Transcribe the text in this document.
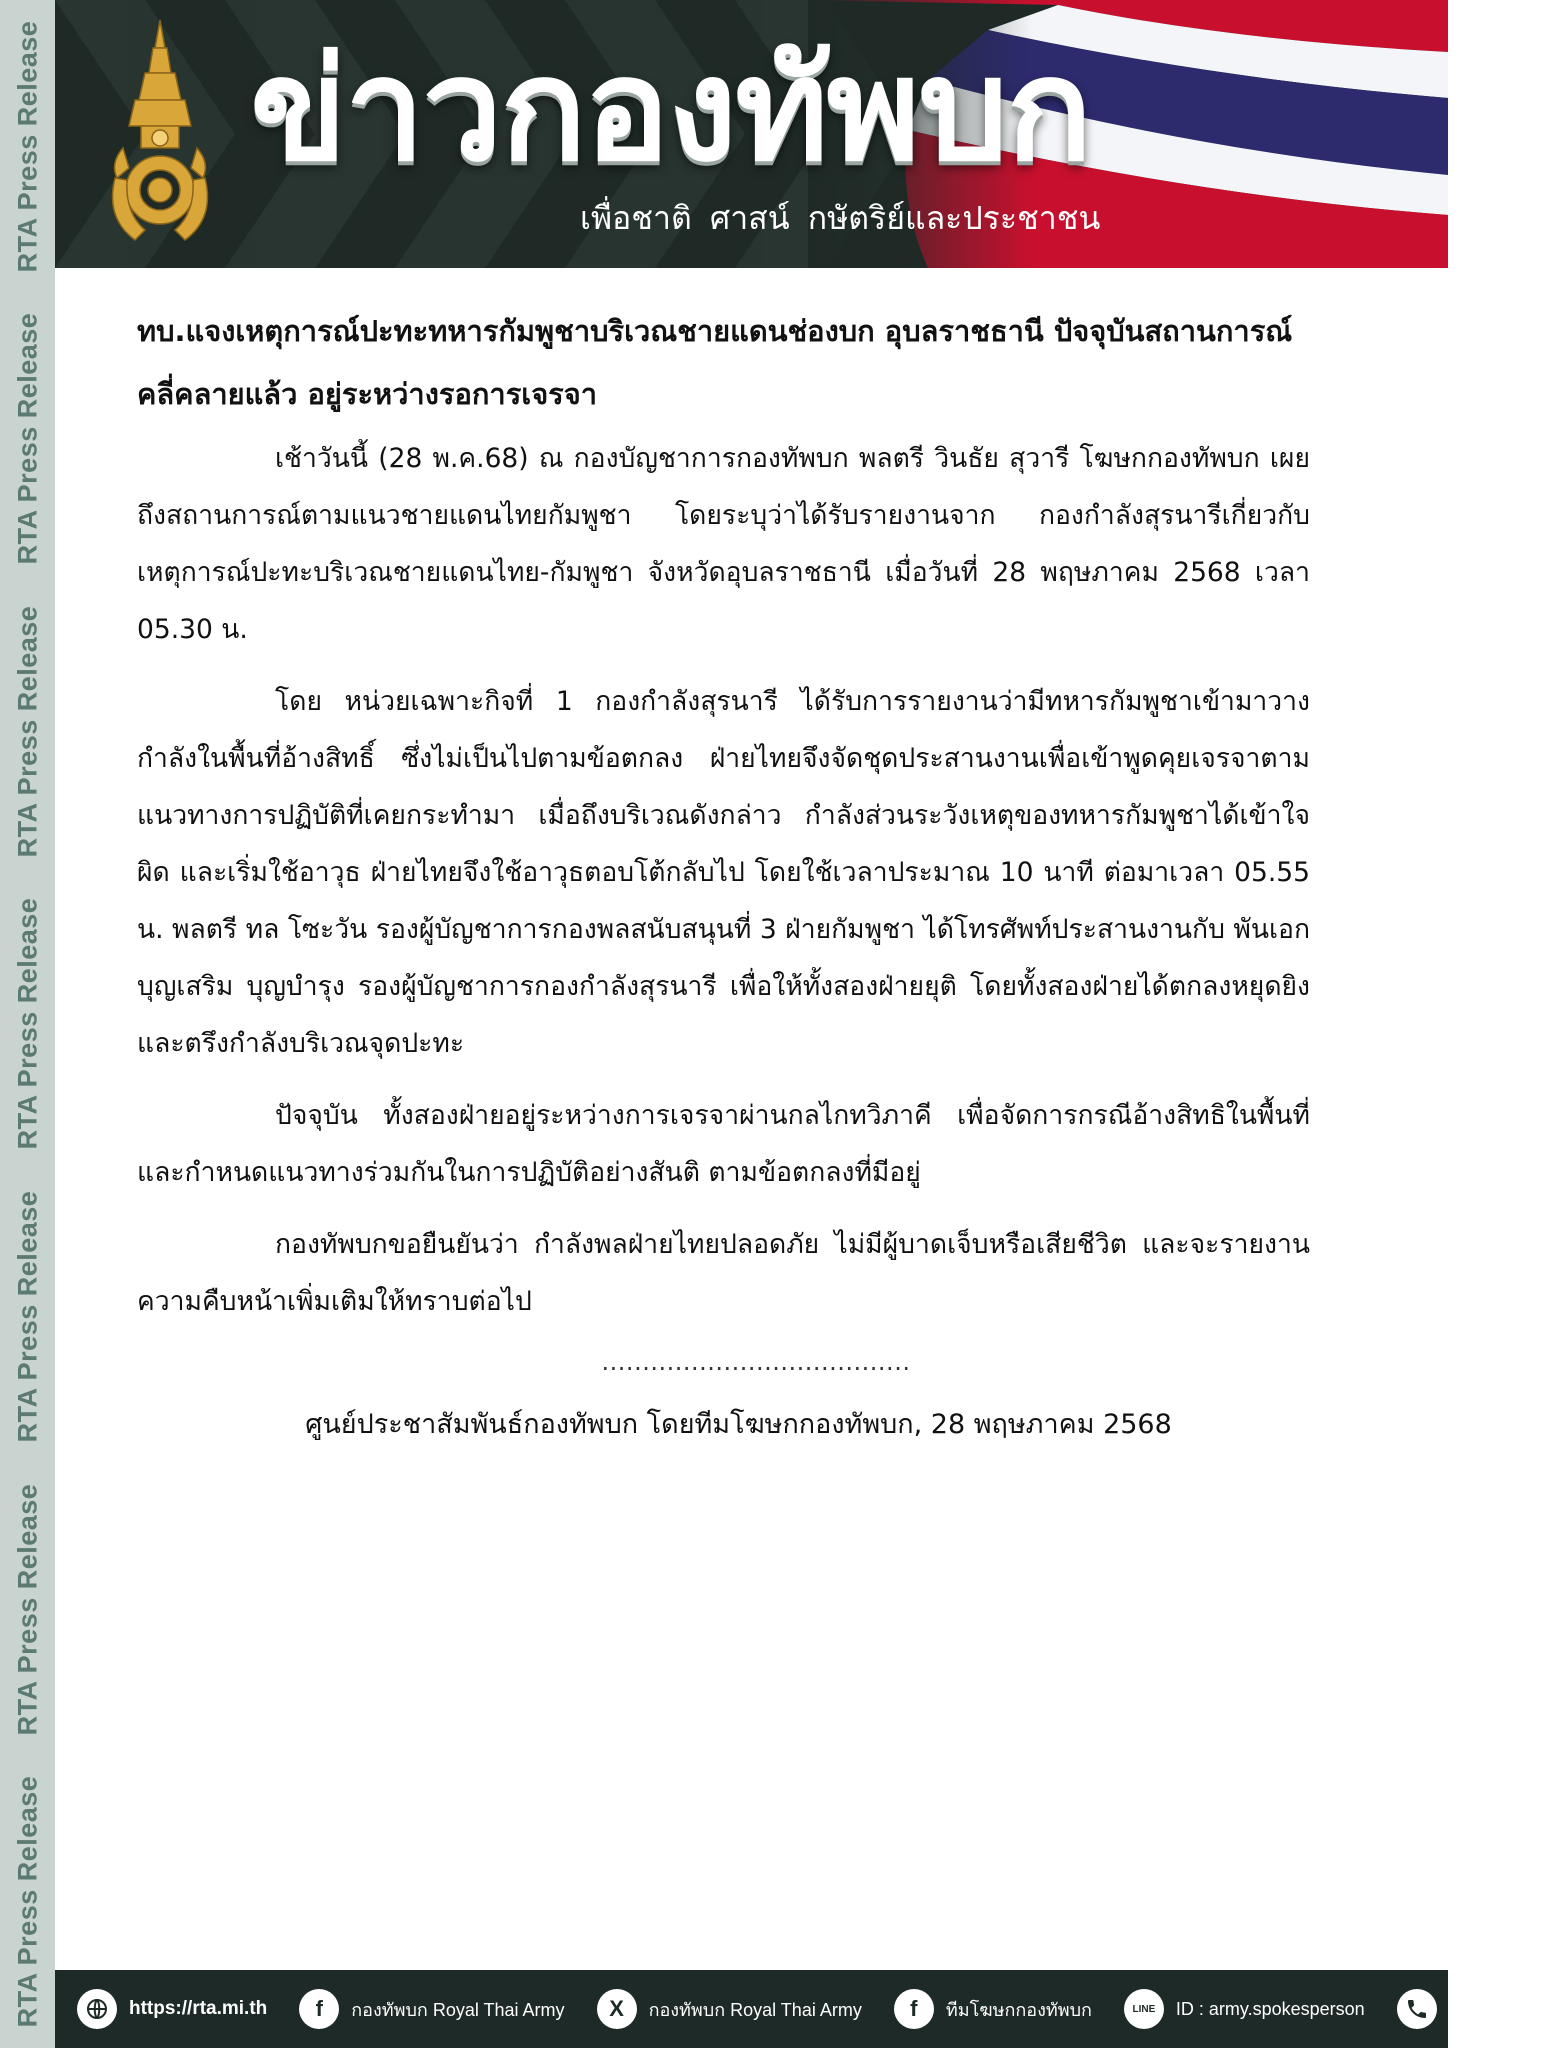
RTA Press Release
RTA Press Release
RTA Press Release
RTA Press Release
RTA Press Release
RTA Press Release
RTA Press Release
ข่าวกองทัพบก
เพื่อชาติ ศาสน์ กษัตริย์และประชาชน
ทบ.แจงเหตุการณ์ปะทะทหารกัมพูชาบริเวณชายแดนช่องบก อุบลราชธานี ปัจจุบันสถานการณ์คลี่คลายแล้ว อยู่ระหว่างรอการเจรจา

เช้าวันนี้ (28 พ.ค.68) ณ กองบัญชาการกองทัพบก พลตรี วินธัย สุวารี โฆษกกองทัพบก เผยถึงสถานการณ์ตามแนวชายแดนไทยกัมพูชา โดยระบุว่าได้รับรายงานจาก กองกำลังสุรนารีเกี่ยวกับเหตุการณ์ปะทะบริเวณชายแดนไทย-กัมพูชา จังหวัดอุบลราชธานี เมื่อวันที่ 28 พฤษภาคม 2568 เวลา 05.30 น.

โดย หน่วยเฉพาะกิจที่ 1 กองกำลังสุรนารี ได้รับการรายงานว่ามีทหารกัมพูชาเข้ามาวางกำลังในพื้นที่อ้างสิทธิ์ ซึ่งไม่เป็นไปตามข้อตกลง ฝ่ายไทยจึงจัดชุดประสานงานเพื่อเข้าพูดคุยเจรจาตามแนวทางการปฏิบัติที่เคยกระทำมา เมื่อถึงบริเวณดังกล่าว กำลังส่วนระวังเหตุของทหารกัมพูชาได้เข้าใจผิด และเริ่มใช้อาวุธ ฝ่ายไทยจึงใช้อาวุธตอบโต้กลับไป โดยใช้เวลาประมาณ 10 นาที ต่อมาเวลา 05.55 น. พลตรี ทล โซะวัน รองผู้บัญชาการกองพลสนับสนุนที่ 3 ฝ่ายกัมพูชา ได้โทรศัพท์ประสานงานกับ พันเอก บุญเสริม บุญบำรุง รองผู้บัญชาการกองกำลังสุรนารี เพื่อให้ทั้งสองฝ่ายยุติ โดยทั้งสองฝ่ายได้ตกลงหยุดยิงและตรึงกำลังบริเวณจุดปะทะ

ปัจจุบัน ทั้งสองฝ่ายอยู่ระหว่างการเจรจาผ่านกลไกทวิภาคี เพื่อจัดการกรณีอ้างสิทธิในพื้นที่และกำหนดแนวทางร่วมกันในการปฏิบัติอย่างสันติ ตามข้อตกลงที่มีอยู่

กองทัพบกขอยืนยันว่า กำลังพลฝ่ายไทยปลอดภัย ไม่มีผู้บาดเจ็บหรือเสียชีวิต และจะรายงานความคืบหน้าเพิ่มเติมให้ทราบต่อไป

......................................
ศูนย์ประชาสัมพันธ์กองทัพบก โดยทีมโฆษกกองทัพบก, 28 พฤษภาคม 2568
https://rta.mi.th	f	กองทัพบก Royal Thai Army	X	กองทัพบก Royal Thai Army	f	ทีมโฆษกกองทัพบก	LINE	ID : army.spokesperson	084-986-5379
